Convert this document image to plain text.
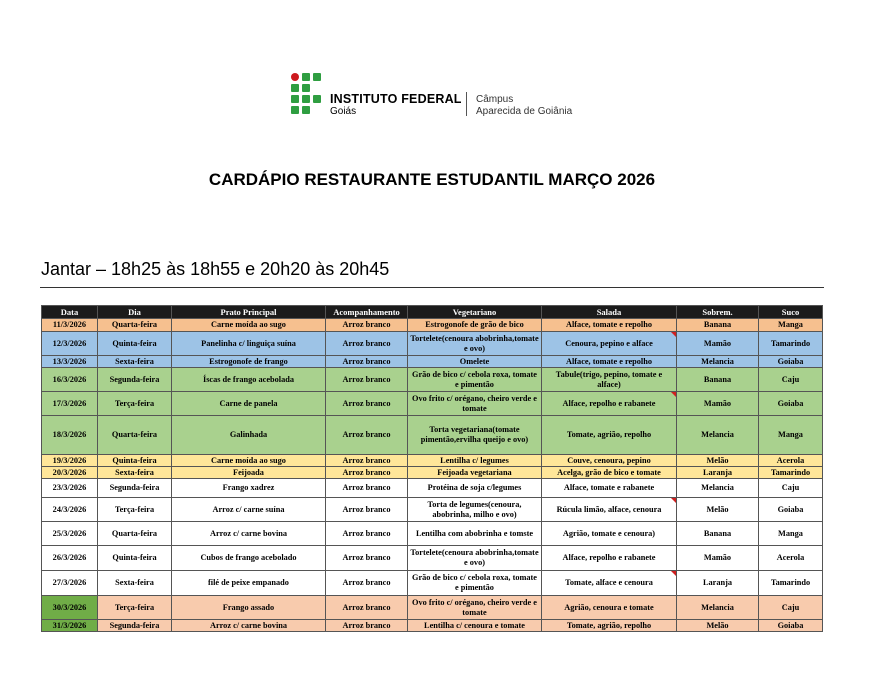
INSTITUTO FEDERAL
Goiás
Câmpus
Aparecida de Goiânia
CARDÁPIO RESTAURANTE ESTUDANTIL MARÇO 2026
Jantar – 18h25 às 18h55 e 20h20 às 20h45
Data	Dia	Prato Principal	Acompanhamento	Vegetariano	Salada	Sobrem.	Suco
11/3/2026	Quarta-feira	Carne moída ao sugo	Arroz branco	Estrogonofe de grão de bico	Alface, tomate e repolho	Banana	Manga
12/3/2026	Quinta-feira	Panelinha c/ linguiça suína	Arroz branco	Tortelete(cenoura abobrinha,tomate e ovo)	Cenoura, pepino e alface	Mamão	Tamarindo
13/3/2026	Sexta-feira	Estrogonofe de frango	Arroz branco	Omelete	Alface, tomate e repolho	Melancia	Goiaba
16/3/2026	Segunda-feira	Íscas de frango acebolada	Arroz branco	Grão de bico c/ cebola roxa, tomate e pimentão	Tabule(trigo, pepino, tomate e alface)	Banana	Caju
17/3/2026	Terça-feira	Carne de panela	Arroz branco	Ovo frito c/ orégano, cheiro verde e tomate	Alface, repolho e rabanete	Mamão	Goiaba
18/3/2026	Quarta-feira	Galinhada	Arroz branco	Torta vegetariana(tomate pimentão,ervilha queijo e ovo)	Tomate, agrião, repolho	Melancia	Manga
19/3/2026	Quinta-feira	Carne moída ao sugo	Arroz branco	Lentilha c/ legumes	Couve, cenoura, pepino	Melão	Acerola
20/3/2026	Sexta-feira	Feijoada	Arroz branco	Feijoada vegetariana	Acelga, grão de bico e tomate	Laranja	Tamarindo
23/3/2026	Segunda-feira	Frango xadrez	Arroz branco	Protéina de soja c/legumes	Alface, tomate e rabanete	Melancia	Caju
24/3/2026	Terça-feira	Arroz c/ carne suína	Arroz branco	Torta de legumes(cenoura, abobrinha, milho e ovo)	Rúcula limão, alface, cenoura	Melão	Goiaba
25/3/2026	Quarta-feira	Arroz c/ carne bovina	Arroz branco	Lentilha com abobrinha e tomste	Agrião, tomate e cenoura)	Banana	Manga
26/3/2026	Quinta-feira	Cubos de frango acebolado	Arroz branco	Tortelete(cenoura abobrinha,tomate e ovo)	Alface, repolho e rabanete	Mamão	Acerola
27/3/2026	Sexta-feira	filé de peixe empanado	Arroz branco	Grão de bico c/ cebola roxa, tomate e pimentão	Tomate, alface e cenoura	Laranja	Tamarindo
30/3/2026	Terça-feira	Frango assado	Arroz branco	Ovo frito c/ orégano, cheiro verde e tomate	Agrião, cenoura e tomate	Melancia	Caju
31/3/2026	Segunda-feira	Arroz c/ carne bovina	Arroz branco	Lentilha c/ cenoura e tomate	Tomate, agrião, repolho	Melão	Goiaba
